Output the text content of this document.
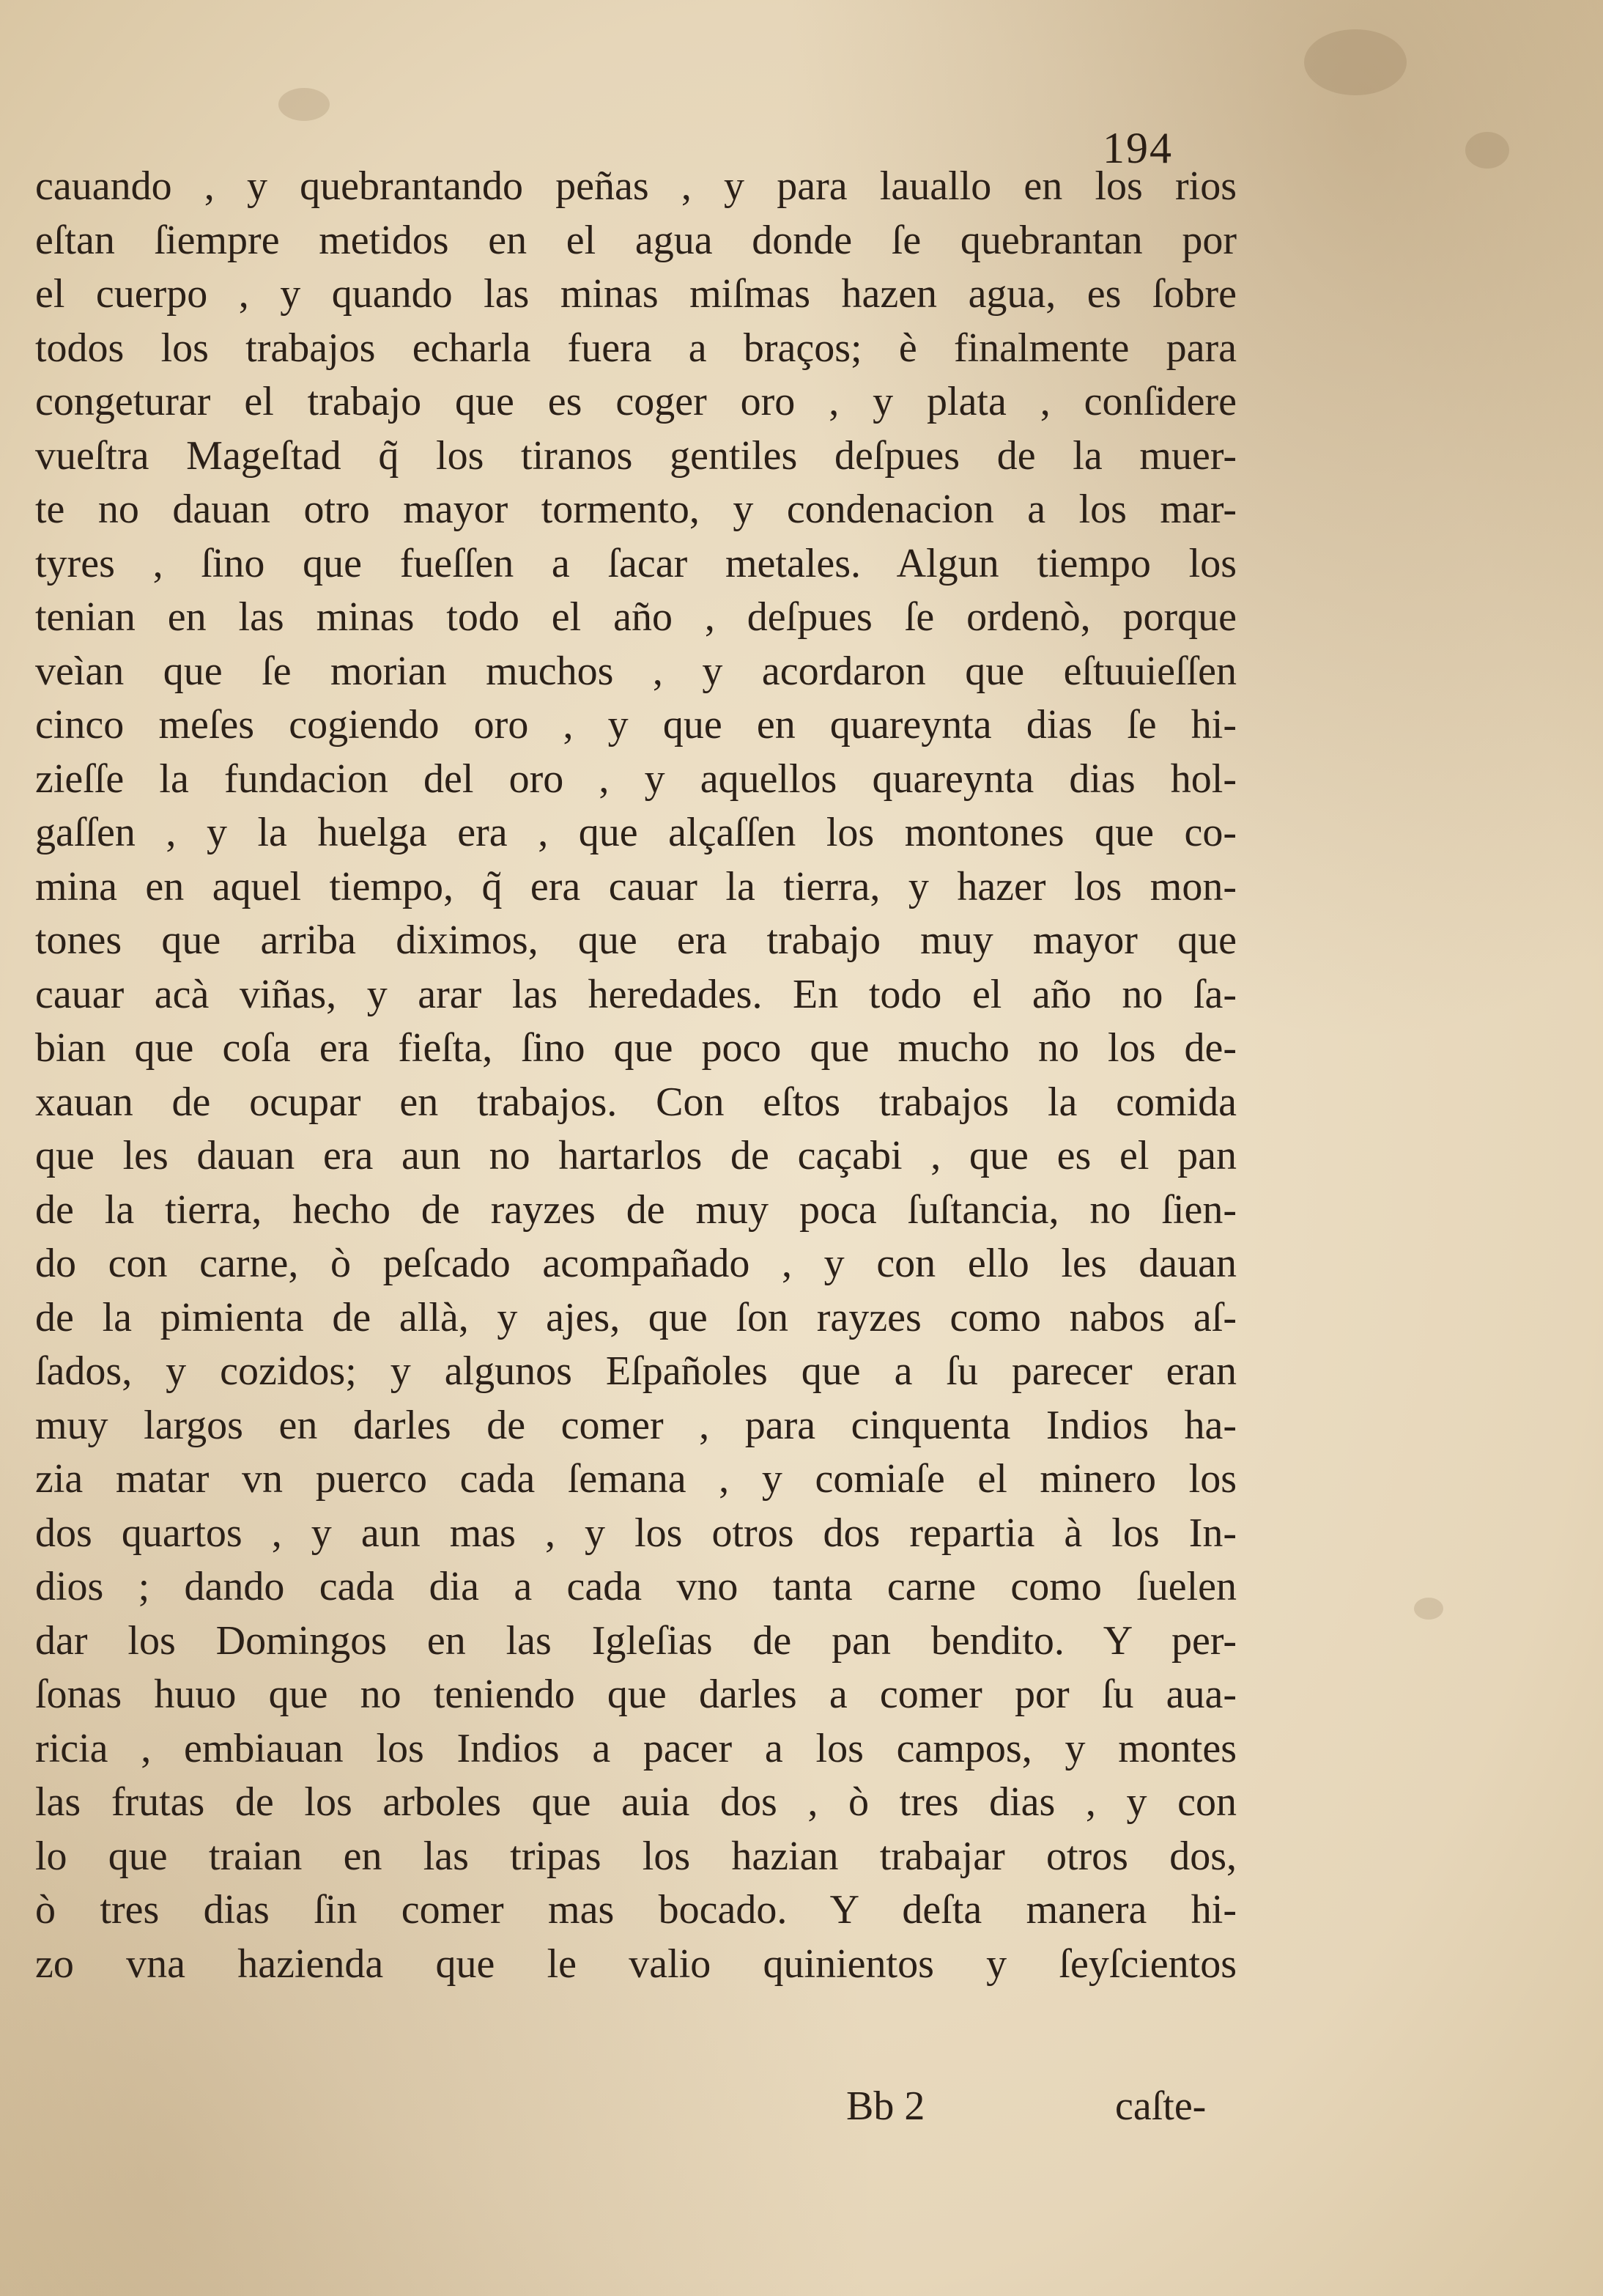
194
cauando , y quebrantando peñas , y para lauallo en los rios
eſtan ſiempre metidos en el agua donde ſe quebrantan por
el cuerpo , y quando las minas miſmas hazen agua, es ſobre
todos los trabajos echarla fuera a braços; è finalmente para
congeturar el trabajo que es coger oro , y plata , conſidere
vueſtra Mageſtad q̃ los tiranos gentiles deſpues de la muer-
te no dauan otro mayor tormento, y condenacion a los mar-
tyres , ſino que fueſſen a ſacar metales. Algun tiempo los
tenian en las minas todo el año , deſpues ſe ordenò, porque
veìan que ſe morian muchos , y acordaron que eſtuuieſſen
cinco meſes cogiendo oro , y que en quareynta dias ſe hi-
zieſſe la fundacion del oro , y aquellos quareynta dias hol-
gaſſen , y la huelga era , que alçaſſen los montones que co-
mina en aquel tiempo, q̃ era cauar la tierra, y hazer los mon-
tones que arriba diximos, que era trabajo muy mayor que
cauar acà viñas, y arar las heredades. En todo el año no ſa-
bian que coſa era fieſta, ſino que poco que mucho no los de-
xauan de ocupar en trabajos. Con eſtos trabajos la comida
que les dauan era aun no hartarlos de caçabi , que es el pan
de la tierra, hecho de rayzes de muy poca ſuſtancia, no ſien-
do con carne, ò peſcado acompañado , y con ello les dauan
de la pimienta de allà, y ajes, que ſon rayzes como nabos aſ-
ſados, y cozidos; y algunos Eſpañoles que a ſu parecer eran
muy largos en darles de comer , para cinquenta Indios ha-
zia matar vn puerco cada ſemana , y comiaſe el minero los
dos quartos , y aun mas , y los otros dos repartia à los In-
dios ; dando cada dia a cada vno tanta carne como ſuelen
dar los Domingos en las Igleſias de pan bendito. Y per-
ſonas huuo que no teniendo que darles a comer por ſu aua-
ricia , embiauan los Indios a pacer a los campos, y montes
las frutas de los arboles que auia dos , ò tres dias , y con
lo que traian en las tripas los hazian trabajar otros dos,
ò tres dias ſin comer mas bocado. Y deſta manera hi-
zo vna hazienda que le valio quinientos y ſeyſcientos
Bb 2	caſte-
